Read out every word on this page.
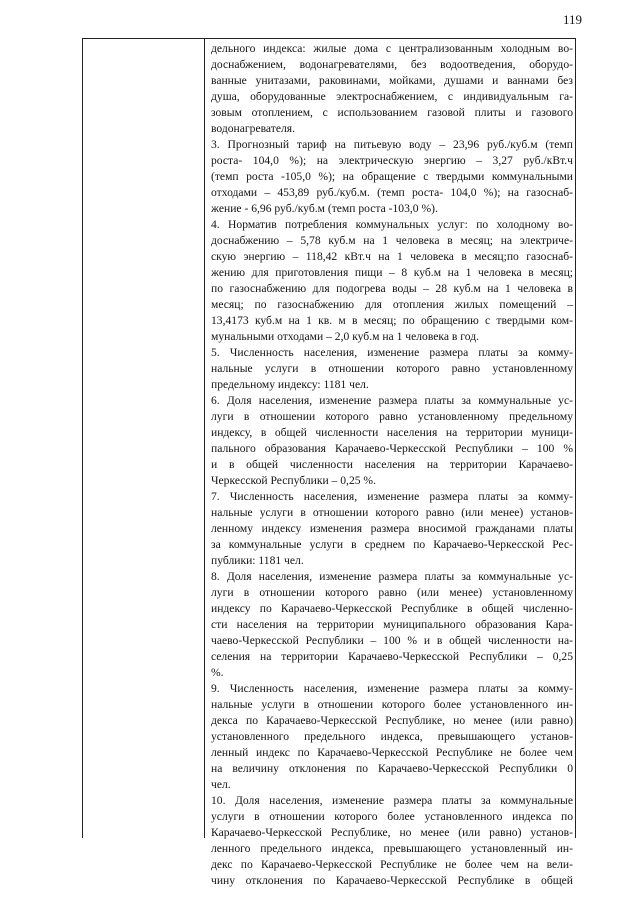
119
дельного индекса: жилые дома с централизованным холодным во-
доснабжением, водонагревателями, без водоотведения, оборудо-
ванные унитазами, раковинами, мойками, душами и ваннами без
душа, оборудованные электроснабжением, с индивидуальным га-
зовым отоплением, с использованием газовой плиты и газового
водонагревателя.
3. Прогнозный тариф на питьевую воду – 23,96 руб./куб.м (темп
роста- 104,0 %); на электрическую энергию – 3,27 руб./кВт.ч
(темп роста -105,0 %); на обращение с твердыми коммунальными
отходами – 453,89 руб./куб.м. (темп роста- 104,0 %); на газоснаб-
жение - 6,96 руб./куб.м (темп роста -103,0 %).
4. Норматив потребления коммунальных услуг: по холодному во-
доснабжению – 5,78 куб.м на 1 человека в месяц; на электриче-
скую энергию – 118,42 кВт.ч на 1 человека в месяц;по газоснаб-
жению для приготовления пищи – 8 куб.м на 1 человека в месяц;
по газоснабжению для подогрева воды – 28 куб.м на 1 человека в
месяц; по газоснабжению для отопления жилых помещений –
13,4173 куб.м на 1 кв. м в месяц; по обращению с твердыми ком-
мунальными отходами – 2,0 куб.м на 1 человека в год.
5. Численность населения, изменение размера платы за комму-
нальные услуги в отношении которого равно установленному
предельному индексу: 1181 чел.
6. Доля населения, изменение размера платы за коммунальные ус-
луги в отношении которого равно установленному предельному
индексу, в общей численности населения на территории муници-
пального образования Карачаево-Черкесской Республики – 100 %
и в общей численности населения на территории Карачаево-
Черкесской Республики – 0,25 %.
7. Численность населения, изменение размера платы за комму-
нальные услуги в отношении которого равно (или менее) установ-
ленному индексу изменения размера вносимой гражданами платы
за коммунальные услуги в среднем по Карачаево-Черкесской Рес-
публики: 1181 чел.
8. Доля населения, изменение размера платы за коммунальные ус-
луги в отношении которого равно (или менее) установленному
индексу по Карачаево-Черкесской Республике в общей численно-
сти населения на территории муниципального образования Кара-
чаево-Черкесской Республики – 100 % и в общей численности на-
селения на территории Карачаево-Черкесской Республики – 0,25
%.
9. Численность населения, изменение размера платы за комму-
нальные услуги в отношении которого более установленного ин-
декса по Карачаево-Черкесской Республике, но менее (или равно)
установленного предельного индекса, превышающего установ-
ленный индекс по Карачаево-Черкесской Республике не более чем
на величину отклонения по Карачаево-Черкесской Республики 0
чел.
10. Доля населения, изменение размера платы за коммунальные
услуги в отношении которого более установленного индекса по
Карачаево-Черкесской Республике, но менее (или равно) установ-
ленного предельного индекса, превышающего установленный ин-
декс по Карачаево-Черкесской Республике не более чем на вели-
чину отклонения по Карачаево-Черкесской Республике в общей
